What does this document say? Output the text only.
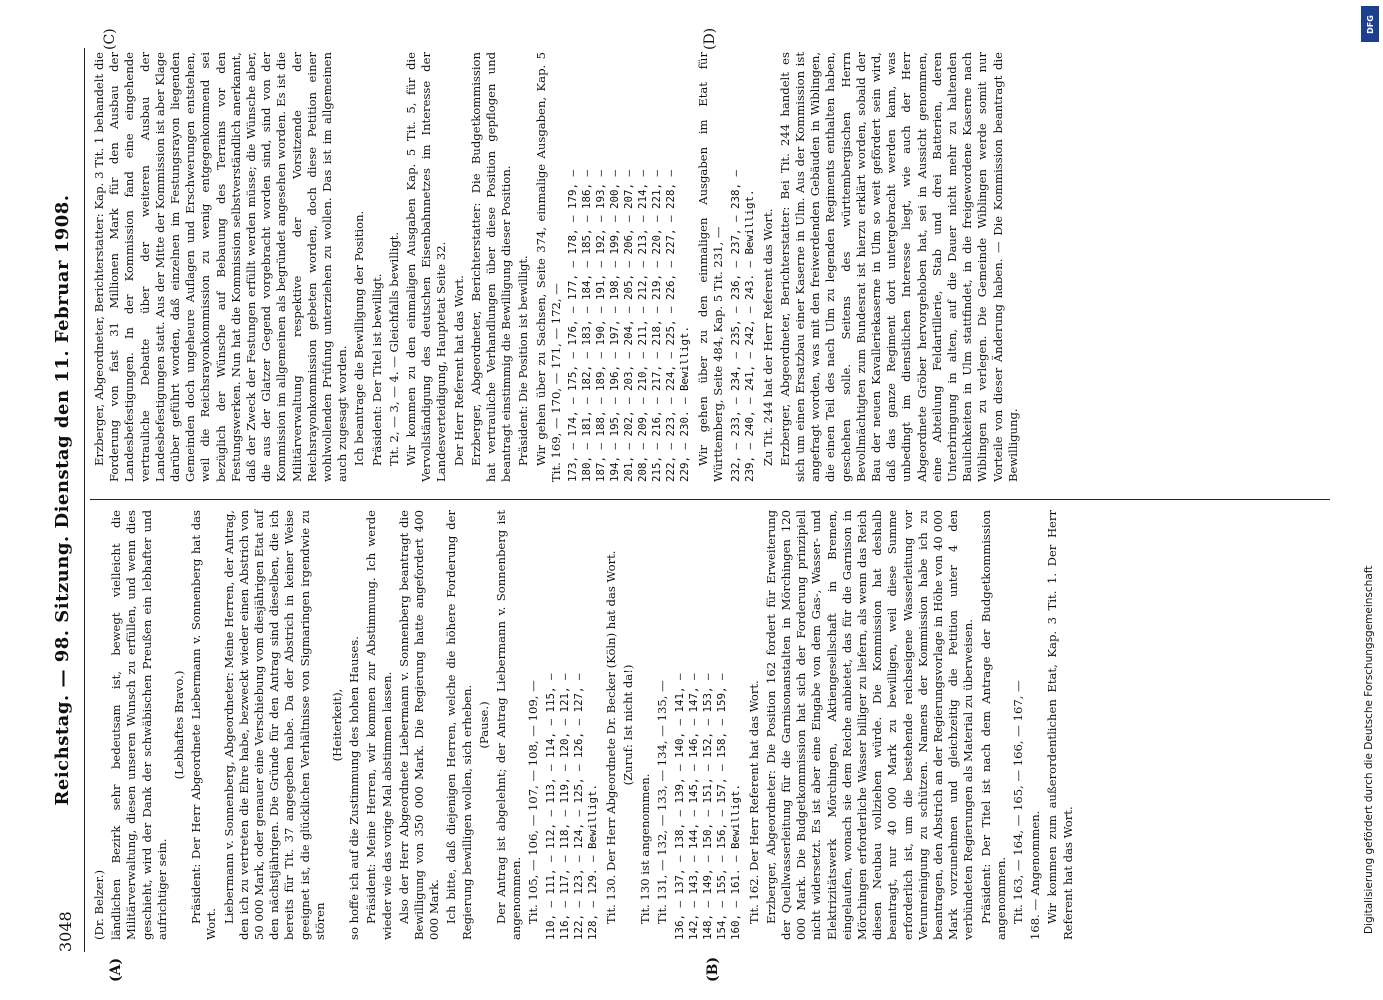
3048
Reichstag. — 98. Sitzung. Dienstag den 11. Februar 1908.
(A)	(B)
(C)	(D)

(Dr. Belzer.) ländlichen Bezirk sehr bedeutsam ist, bewegt vielleicht die Militärverwaltung, diesen unseren Wunsch zu erfüllen, und wenn dies geschieht, wird der Dank der schwäbischen Preußen ein lebhafter und aufrichtiger sein.

(Lebhaftes Bravo.) Präsident: Der Herr Abgeordnete Liebermann v. Sonnenberg hat das Wort. Liebermann v. Sonnenberg, Abgeordneter: Meine Herren, der Antrag, den ich zu vertreten die Ehre habe, bezweckt wieder einen Abstrich von 50 000 Mark, oder genauer eine Verschiebung vom diesjährigen Etat auf den nächstjährigen. Die Gründe für den Antrag sind dieselben, die ich bereits für Tit. 37 angegeben habe. Da der Abstrich in keiner Weise geeignet ist, die glücklichen Verhältnisse von Sigmaringen irgendwie zu stören

(Heiterkeit), so hoffe ich auf die Zustimmung des hohen Hauses. Präsident: Meine Herren, wir kommen zur Abstimmung. Ich werde wieder wie das vorige Mal abstimmen lassen. Also der Herr Abgeordnete Liebermann v. Sonnenberg beantragt die Bewilligung von 350 000 Mark. Die Regierung hatte angefordert 400 000 Mark. Ich bitte, daß diejenigen Herren, welche die höhere Forderung der Regierung bewilligen wollen, sich erheben. (Pause.) Der Antrag ist abgelehnt; der Antrag Liebermann v. Sonnenberg ist angenommen. Tit. 105, — 106, — 107, — 108, — 109, — 110, — 111, — 112, — 113, — 114, — 115, — 116, — 117, — 118, — 119, — 120, — 121, — 122, — 123, — 124, — 125, — 126, — 127, — 128, — 129. — Bewilligt. Tit. 130. Der Herr Abgeordnete Dr. Becker (Köln) hat das Wort. (Zuruf: Ist nicht da!)

Tit. 130 ist angenommen. Tit. 131, — 132, — 133, — 134, — 135, — 136, — 137, — 138, — 139, — 140, — 141, — 142, — 143, — 144, — 145, — 146, — 147, — 148, — 149, — 150, — 151, — 152, — 153, — 154, — 155, — 156, — 157, — 158, — 159, — 160, — 161. — Bewilligt. Tit. 162. Der Herr Referent hat das Wort. Erzberger, Abgeordneter: Die Position 162 fordert für Erweiterung der Quellwasserleitung für die Garnisonanstalten in Mörchingen 120 000 Mark. Die Budgetkommission hat sich der Forderung prinzipiell nicht widersetzt. Es ist aber eine Eingabe von dem Gas-, Wasser- und Elektrizitätswerk Mörchingen, Aktiengesellschaft in Bremen, eingelaufen, wonach sie dem Reiche anbietet, das für die Garnison in Mörchingen erforderliche Wasser billiger zu liefern, als wenn das Reich diesen Neubau vollziehen würde. Die Kommission hat deshalb beantragt, nur 40 000 Mark zu bewilligen, weil diese Summe erforderlich ist, um die bestehende reichseigene Wasserleitung vor Verunreinigung zu schützen. Namens der Kommission habe ich zu beantragen, den Abstrich an der Regierungsvorlage in Höhe von 40 000 Mark vorzunehmen und gleichzeitig die Petition unter 4 den verbündeten Regierungen als Material zu überweisen. Präsident: Der Titel ist nach dem Antrage der Budgetkommission angenommen. Tit. 163, — 164, — 165, — 166, — 167, — 168. — Angenommen. Wir kommen zum außerordentlichen Etat, Kap. 3 Tit. 1. Der Herr Referent hat das Wort.

Erzberger, Abgeordneter, Berichterstatter: Kap. 3 Tit. 1 behandelt die Forderung von fast 31 Millionen Mark für den Ausbau der Landesbefestigungen. In der Kommission fand eine eingehende vertrauliche Debatte über der weiteren Ausbau der Landesbefestigungen statt. Aus der Mitte der Kommission ist aber Klage darüber geführt worden, daß einzelnen im Festungsrayon liegenden Gemeinden doch ungeheure Auflagen und Erschwerungen entstehen, weil die Reichsrayonkommission zu wenig entgegenkommend sei bezüglich der Wünsche auf Bebauung des Terrains vor den Festungswerken. Nun hat die Kommission selbstverständlich anerkannt, daß der Zweck der Festungen erfüllt werden müsse; die Wünsche aber, die aus der Glatzer Gegend vorgebracht worden sind, sind von der Kommission im allgemeinen als begründet angesehen worden. Es ist die Militärverwaltung respektive der Vorsitzende der Reichsrayonkommission gebeten worden, doch diese Petition einer wohlwollenden Prüfung unterziehen zu wollen. Das ist im allgemeinen auch zugesagt worden. Ich beantrage die Bewilligung der Position. Präsident: Der Titel ist bewilligt. Tit. 2, — 3, — 4. — Gleichfalls bewilligt. Wir kommen zu den einmaligen Ausgaben Kap. 5 Tit. 5, für die Vervollständigung des deutschen Eisenbahnnetzes im Interesse der Landesverteidigung, Hauptetat Seite 32. Der Herr Referent hat das Wort. Erzberger, Abgeordneter, Berichterstatter: Die Budgetkommission hat vertrauliche Verhandlungen über diese Position gepflogen und beantragt einstimmig die Bewilligung dieser Position. Präsident: Die Position ist bewilligt. Wir gehen über zu Sachsen, Seite 374, einmalige Ausgaben, Kap. 5 Tit. 169, — 170, — 171, — 172, — 173, — 174, — 175, — 176, — 177, — 178, — 179, — 180, — 181, — 182, — 183, — 184, — 185, — 186, — 187, — 188, — 189, — 190, — 191, — 192, — 193, — 194, — 195, — 196, — 197, — 198, — 199, — 200, — 201, — 202, — 203, — 204, — 205, — 206, — 207, — 208, — 209, — 210, — 211, — 212, — 213, — 214, — 215, — 216, — 217, — 218, — 219, — 220, — 221, — 222, — 223, — 224, — 225, — 226, — 227, — 228, — 229, — 230. — Bewilligt. Wir gehen über zu den einmaligen Ausgaben im Etat für Württemberg, Seite 484, Kap. 5 Tit. 231, — 232, — 233, — 234, — 235, — 236, — 237, — 238, — 239, — 240, — 241, — 242, — 243. — Bewilligt. Zu Tit. 244 hat der Herr Referent das Wort. Erzberger, Abgeordneter, Berichterstatter: Bei Tit. 244 handelt es sich um einen Ersatzbau einer Kaserne in Ulm. Aus der Kommission ist angefragt worden, was mit den freiwerdenden Gebäuden in Wiblingen, die einen Teil des nach Ulm zu legenden Regiments enthalten haben, geschehen solle. Seitens des württembergischen Herrn Bevollmächtigten zum Bundesrat ist hierzu erklärt worden, sobald der Bau der neuen Kavalleriekaserne in Ulm so weit gefördert sein wird, daß das ganze Regiment dort untergebracht werden kann, was unbedingt im dienstlichen Interesse liegt, wie auch der Herr Abgeordnete Gröber hervorgehoben hat, sei in Aussicht genommen, eine Abteilung Feldartillerie, Stab und drei Batterien, deren Unterbringung in alten, auf die Dauer nicht mehr zu haltenden Baulichkeiten in Ulm stattfindet, in die freigewordene Kaserne nach Wiblingen zu verlegen. Die Gemeinde Wiblingen werde somit nur Vorteile von dieser Änderung haben. — Die Kommission beantragt die Bewilligung.

Digitalisierung gefördert durch die Deutsche Forschungsgemeinschaft
DFG
